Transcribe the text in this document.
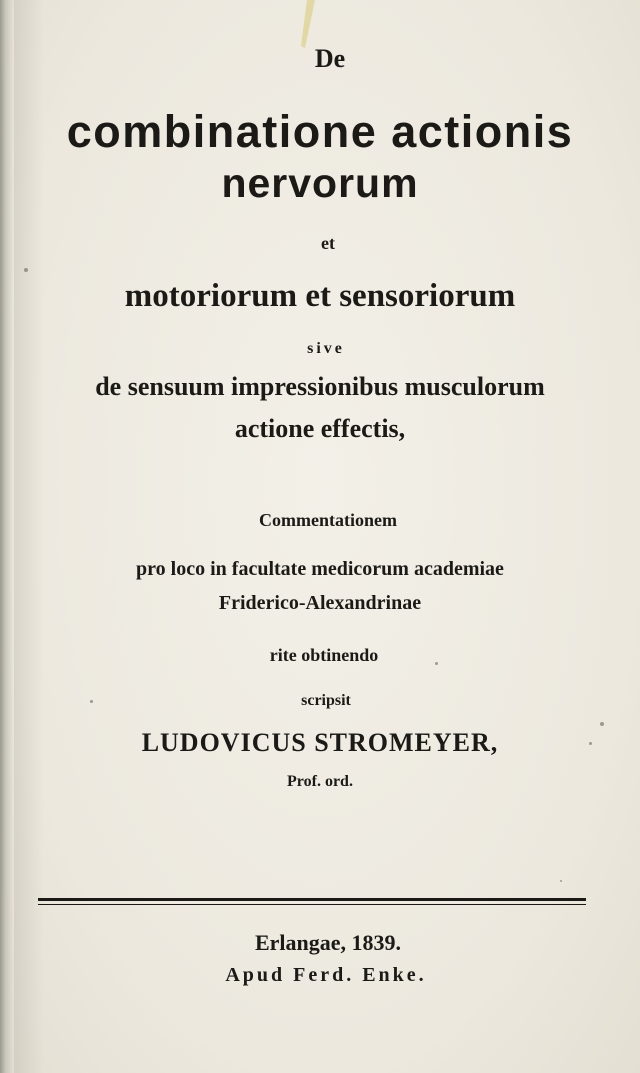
De
combinatione actionis
nervorum
et
motoriorum et sensoriorum
sive
de sensuum impressionibus musculorum
actione effectis,
Commentationem
pro loco in facultate medicorum academiae
Friderico-Alexandrinae
rite obtinendo
scripsit
LUDOVICUS STROMEYER,
Prof. ord.
Erlangae, 1839.
Apud Ferd. Enke.
